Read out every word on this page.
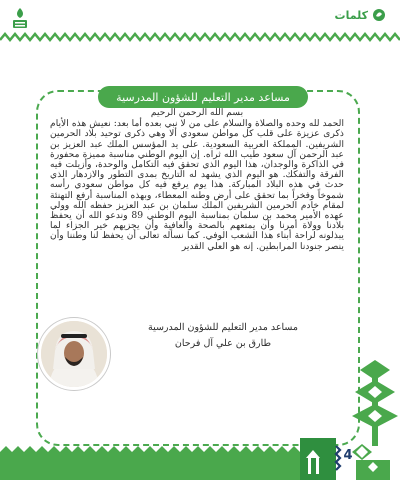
كلمات
مساعد مدير التعليم للشؤون المدرسية
بسم الله الرحمن الرحيم
الحمد لله وحده والصلاة والسلام على من لا نبي بعده أما بعد: نعيش هذه الأيام ذكرى عزيزة على قلب كل مواطن سعودي ألا وهي ذكرى توحيد بلاد الحرمين الشريفين. المملكة العربية السعودية. على يد المؤسس الملك عبد العزيز بن عبد الرحمن آل سعود طيب الله ثراه. إن اليوم الوطني مناسبة مميزة محفورة في الذاكرة والوجدان، هذا اليوم الذي تحقق فيه التكامل والوحدة، وأزيلت فيه الفرقة والتفكك. هو اليوم الذي يشهد له التاريخ بمدى التطور والازدهار الذي حدث في هذه البلاد المباركة. هذا يوم يرفع فيه كل مواطن سعودي رأسه شموخاً وفخراً بما تحقق على أرض وطنه المعطاء، وبهذه المناسبة أرفع التهنئة لمقام خادم الحرمين الشريفين الملك سلمان بن عبد العزيز حفظه الله وولي عهده الأمير محمد بن سلمان بمناسبة اليوم الوطني 89 وندعو الله أن يحفظ بلادنا وولاة أمرنا وأن يمتعهم بالصحة والعافية وأن يجزيهم خير الجزاء لما يبذلونه لراحة أبناء هذا الشعب الوفي. كما نسأله تعالى أن يحفظ لنا وطننا وأن ينصر جنودنا المرابطين. إنه هو العلي القدير
مساعد مدير التعليم للشؤون المدرسية
طارق بن علي آل فرحان
4
